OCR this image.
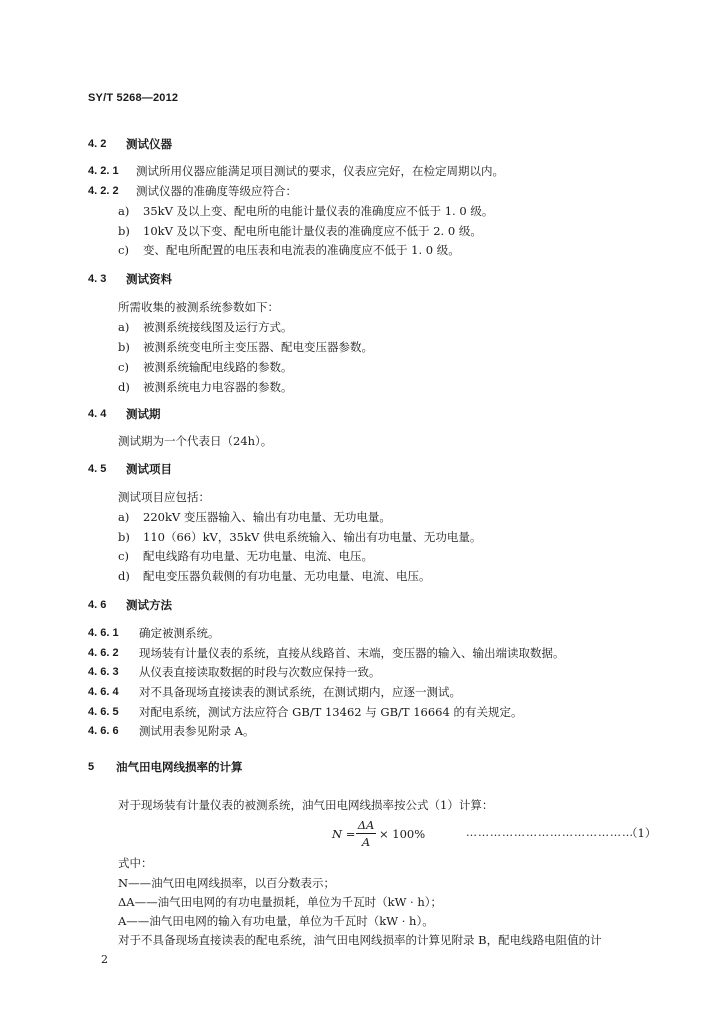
SY/T 5268—2012
4. 2 测试仪器
4. 2. 1 测试所用仪器应能满足项目测试的要求，仪表应完好，在检定周期以内。
4. 2. 2 测试仪器的准确度等级应符合：
a) 35kV 及以上变、配电所的电能计量仪表的准确度应不低于 1. 0 级。
b) 10kV 及以下变、配电所电能计量仪表的准确度应不低于 2. 0 级。
c) 变、配电所配置的电压表和电流表的准确度应不低于 1. 0 级。
4. 3 测试资料
所需收集的被测系统参数如下：
a) 被测系统接线图及运行方式。
b) 被测系统变电所主变压器、配电变压器参数。
c) 被测系统输配电线路的参数。
d) 被测系统电力电容器的参数。
4. 4 测试期
测试期为一个代表日（24h）。
4. 5 测试项目
测试项目应包括：
a) 220kV 变压器输入、输出有功电量、无功电量。
b) 110（66）kV，35kV 供电系统输入、输出有功电量、无功电量。
c) 配电线路有功电量、无功电量、电流、电压。
d) 配电变压器负载侧的有功电量、无功电量、电流、电压。
4. 6 测试方法
4. 6. 1 确定被测系统。
4. 6. 2 现场装有计量仪表的系统，直接从线路首、末端，变压器的输入、输出端读取数据。
4. 6. 3 从仪表直接读取数据的时段与次数应保持一致。
4. 6. 4 对不具备现场直接读表的测试系统，在测试期内，应逐一测试。
4. 6. 5 对配电系统，测试方法应符合 GB/T 13462 与 GB/T 16664 的有关规定。
4. 6. 6 测试用表参见附录 A。
5 油气田电网线损率的计算
对于现场装有计量仪表的被测系统，油气田电网线损率按公式（1）计算：
N =
ΔA
A
× 100%	……………………………………
（1）
式中：
N——油气田电网线损率，以百分数表示；
ΔA——油气田电网的有功电量损耗，单位为千瓦时（kW · h）；
A——油气田电网的输入有功电量，单位为千瓦时（kW · h）。
对于不具备现场直接读表的配电系统，油气田电网线损率的计算见附录 B，配电线路电阻值的计
2
